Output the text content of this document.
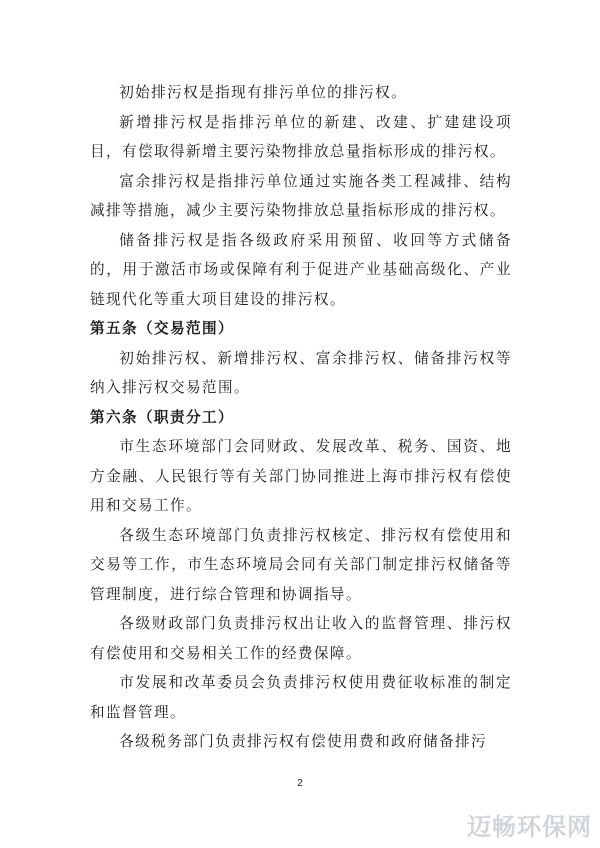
初始排污权是指现有排污单位的排污权。

新增排污权是指排污单位的新建、改建、扩建建设项目，有偿取得新增主要污染物排放总量指标形成的排污权。

富余排污权是指排污单位通过实施各类工程减排、结构减排等措施，减少主要污染物排放总量指标形成的排污权。

储备排污权是指各级政府采用预留、收回等方式储备的，用于激活市场或保障有利于促进产业基础高级化、产业链现代化等重大项目建设的排污权。

第五条（交易范围）

初始排污权、新增排污权、富余排污权、储备排污权等纳入排污权交易范围。

第六条（职责分工）

市生态环境部门会同财政、发展改革、税务、国资、地方金融、人民银行等有关部门协同推进上海市排污权有偿使用和交易工作。

各级生态环境部门负责排污权核定、排污权有偿使用和交易等工作，市生态环境局会同有关部门制定排污权储备等管理制度，进行综合管理和协调指导。

各级财政部门负责排污权出让收入的监督管理、排污权有偿使用和交易相关工作的经费保障。

市发展和改革委员会负责排污权使用费征收标准的制定和监督管理。

各级税务部门负责排污权有偿使用费和政府储备排污

2
迈畅环保网
